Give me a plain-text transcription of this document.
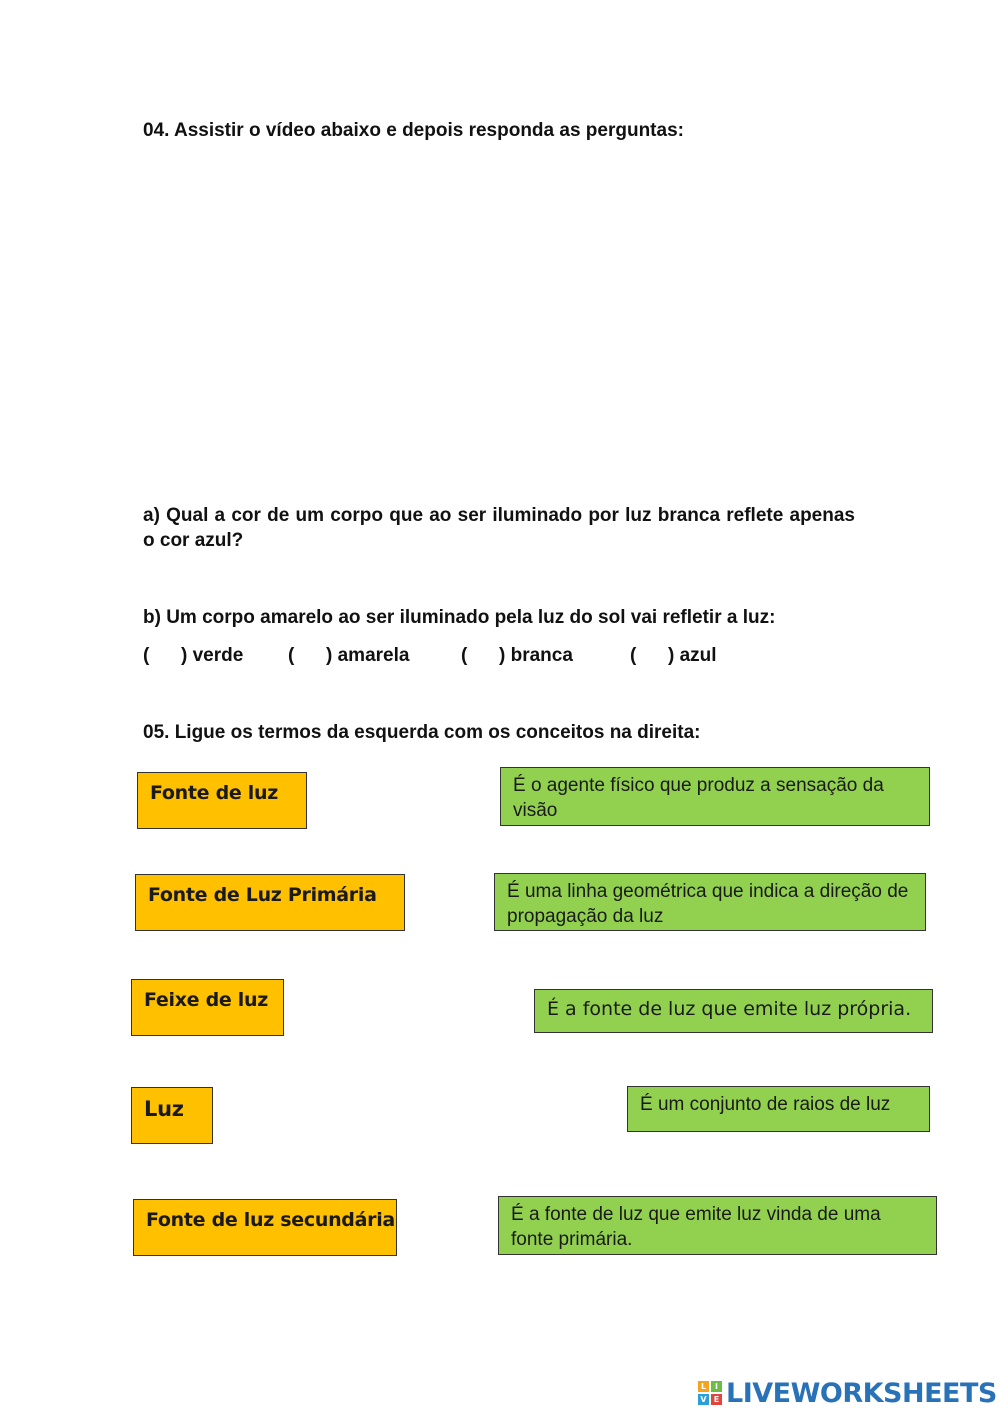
04. Assistir o vídeo abaixo e depois responda as perguntas:
a) Qual a cor de um corpo que ao ser iluminado por luz branca reflete apenas o cor azul?
b) Um corpo amarelo ao ser iluminado pela luz do sol vai refletir a luz:
(      ) verde (      ) amarela	(      ) branca	(      ) azul
05. Ligue os termos da esquerda com os conceitos na direita:
Fonte de luz
Fonte de Luz Primária
Feixe de luz
Luz
Fonte de luz secundária
É o agente físico que produz a sensação da visão
É uma linha geométrica que indica a direção de propagação da luz
É a fonte de luz que emite luz própria.
É um conjunto de raios de luz
É a fonte de luz que emite luz vinda de uma fonte primária.
L	I
V E LIVEWORKSHEETS
